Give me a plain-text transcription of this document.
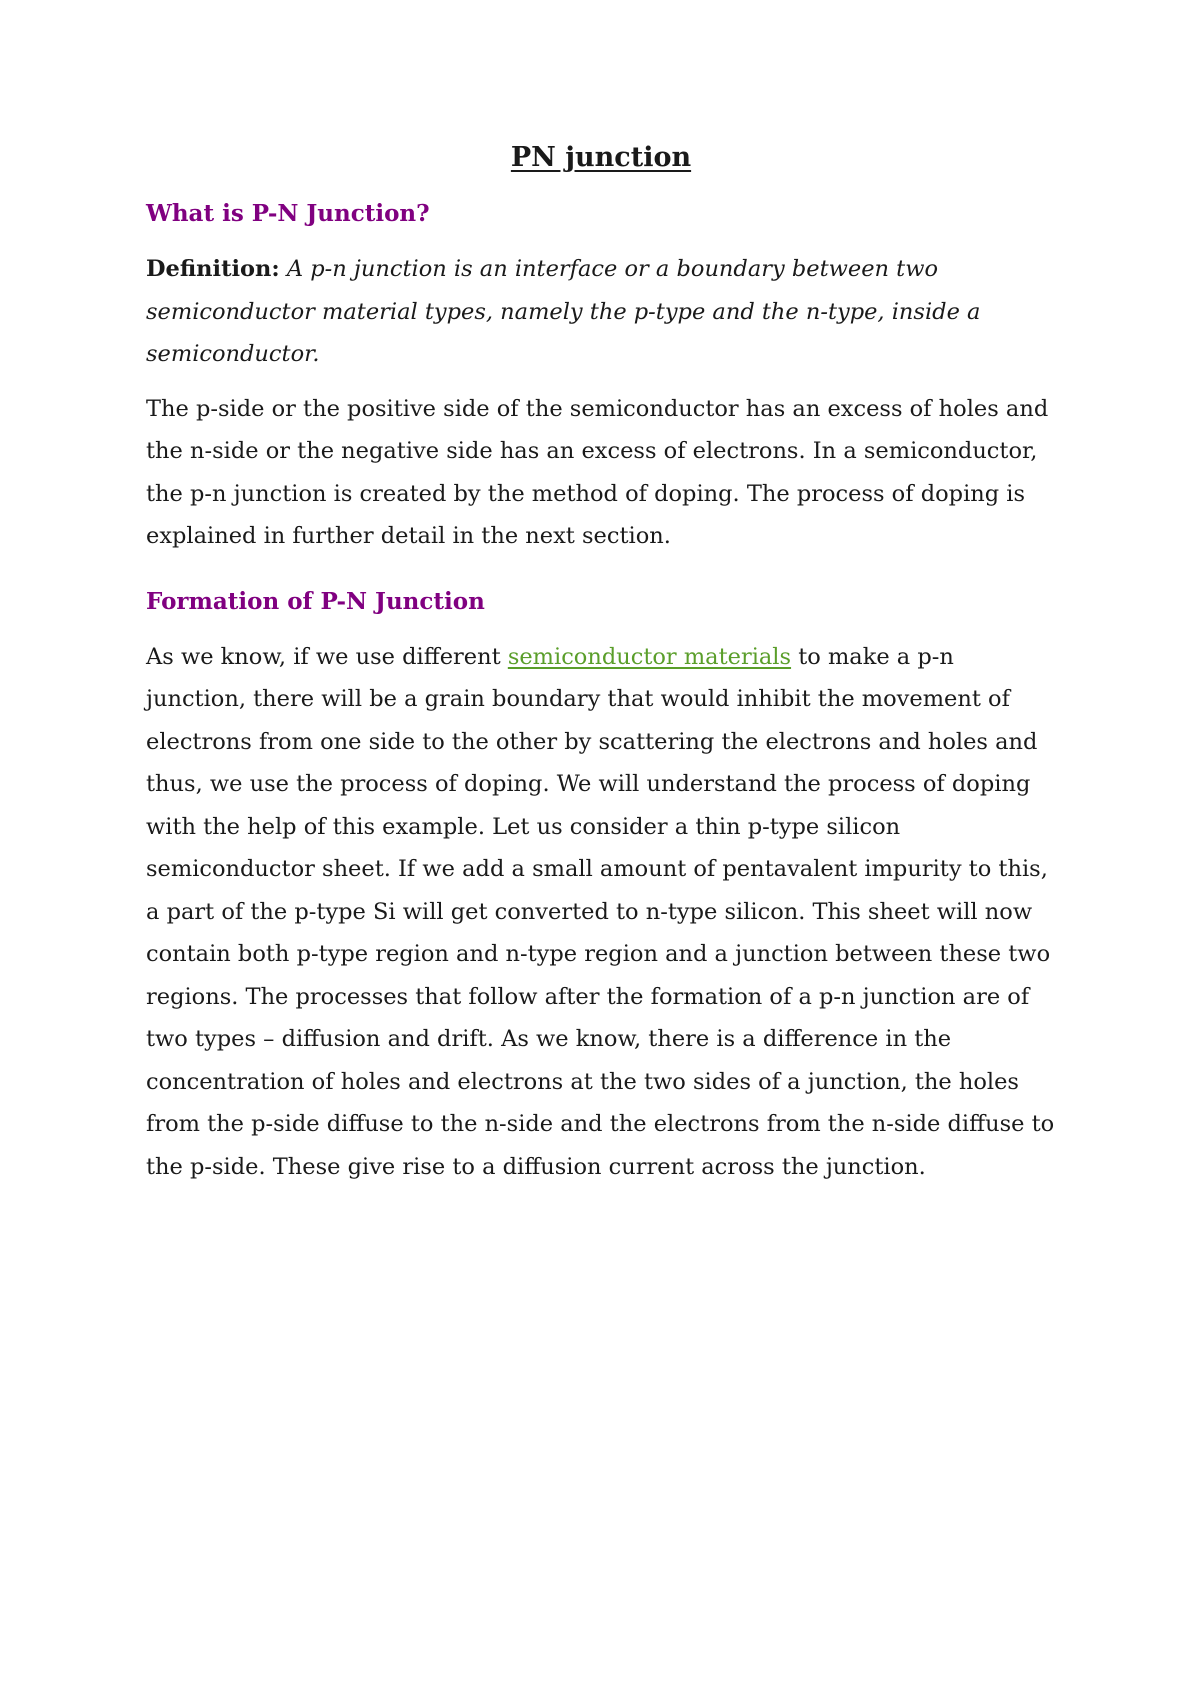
PN junction
What is P-N Junction?

Definition: A p-n junction is an interface or a boundary between two semiconductor material types, namely the p-type and the n-type, inside a semiconductor.

The p-side or the positive side of the semiconductor has an excess of holes and the n-side or the negative side has an excess of electrons. In a semiconductor, the p-n junction is created by the method of doping. The process of doping is explained in further detail in the next section.

Formation of P-N Junction

As we know, if we use different semiconductor materials to make a p-n junction, there will be a grain boundary that would inhibit the movement of electrons from one side to the other by scattering the electrons and holes and thus, we use the process of doping. We will understand the process of doping with the help of this example. Let us consider a thin p-type silicon semiconductor sheet. If we add a small amount of pentavalent impurity to this, a part of the p-type Si will get converted to n-type silicon. This sheet will now contain both p-type region and n-type region and a junction between these two regions. The processes that follow after the formation of a p-n junction are of two types – diffusion and drift. As we know, there is a difference in the concentration of holes and electrons at the two sides of a junction, the holes from the p-side diffuse to the n-side and the electrons from the n-side diffuse to the p-side. These give rise to a diffusion current across the junction.
